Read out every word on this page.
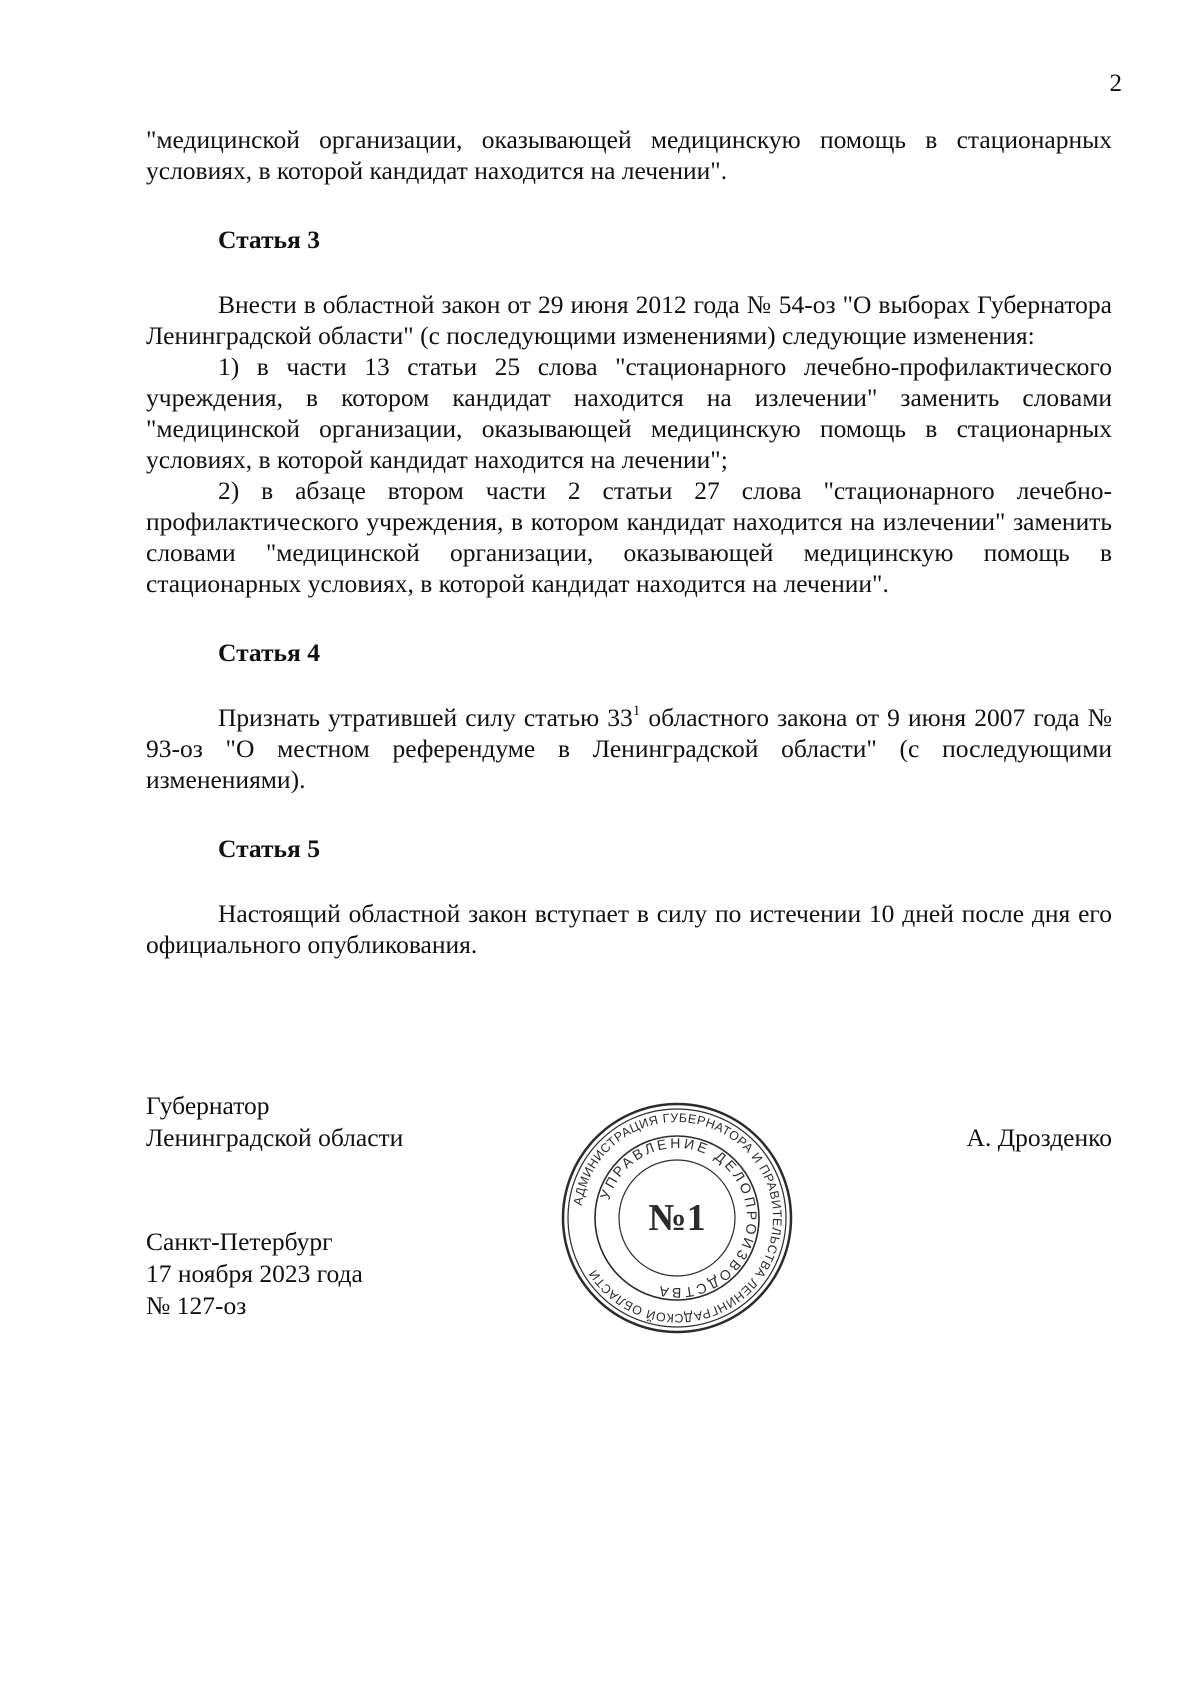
2

"медицинской организации, оказывающей медицинскую помощь в стационарных условиях, в которой кандидат находится на лечении".

Статья 3

Внести в областной закон от 29 июня 2012 года № 54-оз "О выборах Губернатора Ленинградской области" (с последующими изменениями) следующие изменения:

1) в части 13 статьи 25 слова "стационарного лечебно-профилактического учреждения, в котором кандидат находится на излечении" заменить словами "медицинской организации, оказывающей медицинскую помощь в стационарных условиях, в которой кандидат находится на лечении";

2) в абзаце втором части 2 статьи 27 слова "стационарного лечебно-профилактического учреждения, в котором кандидат находится на излечении" заменить словами "медицинской организации, оказывающей медицинскую помощь в стационарных условиях, в которой кандидат находится на лечении".

Статья 4

Признать утратившей силу статью $33^1$ областного закона от 9 июня 2007 года № 93-оз "О местном референдуме в Ленинградской области" (с последующими изменениями).

Статья 5

Настоящий областной закон вступает в силу по истечении 10 дней после дня его официального опубликования.

Губернатор
Ленинградской области	А. Дрозденко
Санкт-Петербург
17 ноября 2023 года
№ 127-оз
АДМИНИСТРАЦИЯ ГУБЕРНАТОРА И ПРАВИТЕЛЬСТВА ЛЕНИНГРАДСКОЙ ОБЛАСТИ
УПРАВЛЕНИЕ ДЕЛОПРОИЗВОДСТВА
№1
